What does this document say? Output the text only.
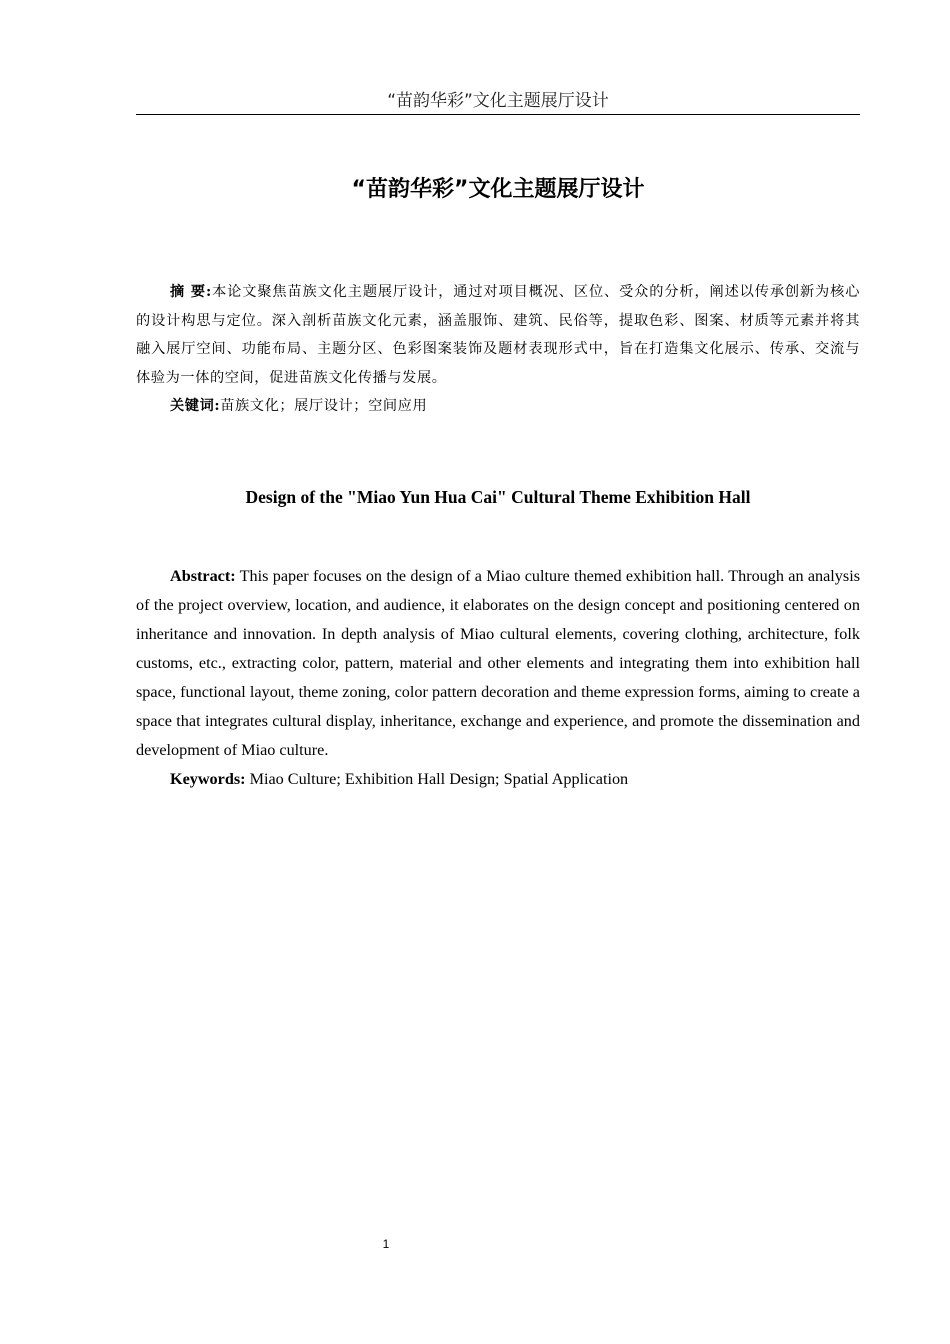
“苗韵华彩”文化主题展厅设计
“苗韵华彩”文化主题展厅设计

摘 要:本论文聚焦苗族文化主题展厅设计，通过对项目概况、区位、受众的分析，阐述以传承创新为核心的设计构思与定位。深入剖析苗族文化元素，涵盖服饰、建筑、民俗等，提取色彩、图案、材质等元素并将其融入展厅空间、功能布局、主题分区、色彩图案装饰及题材表现形式中，旨在打造集文化展示、传承、交流与体验为一体的空间，促进苗族文化传播与发展。

关键词:苗族文化；展厅设计；空间应用

Design of the "Miao Yun Hua Cai" Cultural Theme Exhibition Hall

Abstract: This paper focuses on the design of a Miao culture themed exhibition hall. Through an analysis of the project overview, location, and audience, it elaborates on the design concept and positioning centered on inheritance and innovation. In depth analysis of Miao cultural elements, covering clothing, architecture, folk customs, etc., extracting color, pattern, material and other elements and integrating them into exhibition hall space, functional layout, theme zoning, color pattern decoration and theme expression forms, aiming to create a space that integrates cultural display, inheritance, exchange and experience, and promote the dissemination and development of Miao culture.

Keywords: Miao Culture; Exhibition Hall Design; Spatial Application

1
